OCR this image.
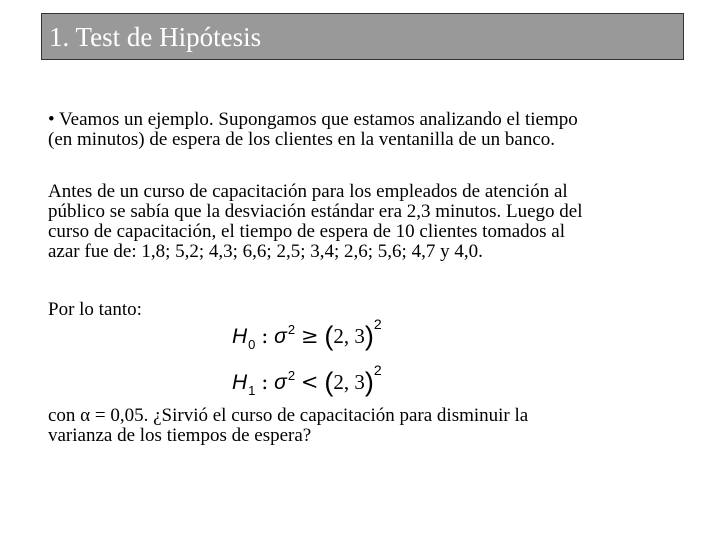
1. Test de Hipótesis

• Veamos un ejemplo. Supongamos que estamos analizando el tiempo
(en minutos) de espera de los clientes en la ventanilla de un banco.

Antes de un curso de capacitación para los empleados de atención al
público se sabía que la desviación estándar era 2,3 minutos. Luego del
curso de capacitación, el tiempo de espera de 10 clientes tomados al
azar fue de: 1,8; 5,2; 4,3; 6,6; 2,5; 3,4; 2,6; 5,6; 4,7 y 4,0.

Por lo tanto:

$H_0$ : $\sigma^2 \ge (2$, 3)$^2$
$H_1$ : $\sigma^2 < (2$, 3)$^2$

con α = 0,05. ¿Sirvió el curso de capacitación para disminuir la
varianza de los tiempos de espera?
